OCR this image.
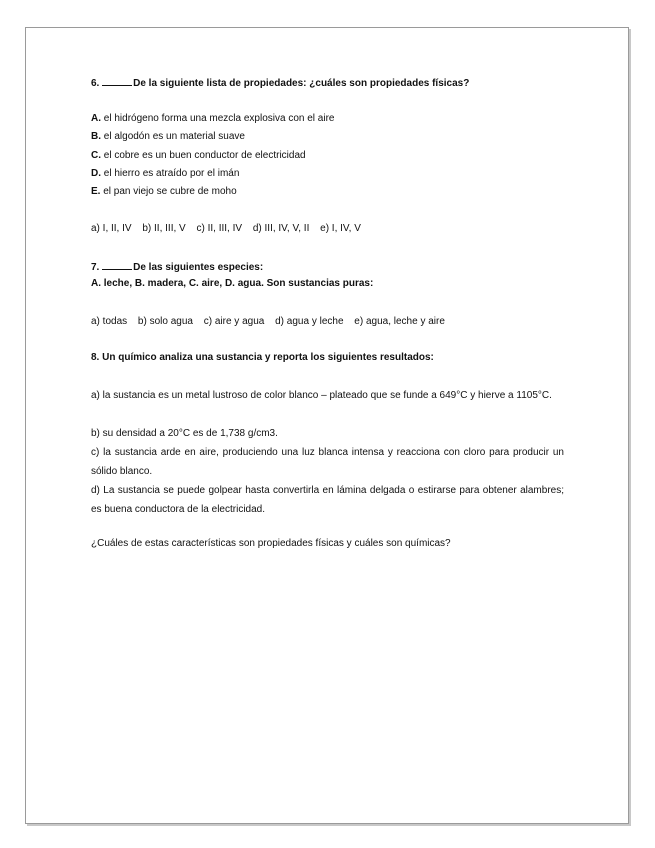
6.	De la siguiente lista de propiedades: ¿cuáles son propiedades físicas?
A. el hidrógeno forma una mezcla explosiva con el aire
B. el algodón es un material suave
C. el cobre es un buen conductor de electricidad
D. el hierro es atraído por el imán
E. el pan viejo se cubre de moho
a) I, II, IV b) II, III, V c) II, III, IV d) III, IV, V, II e) I, IV, V
7.	De las siguientes especies:
A. leche, B. madera, C. aire, D. agua. Son sustancias puras:
a) todas b) solo agua c) aire y agua d) agua y leche e) agua, leche y aire
8. Un químico analiza una sustancia y reporta los siguientes resultados:
a) la sustancia es un metal lustroso de color blanco – plateado que se funde a 649°C y hierve a 1105°C.
b) su densidad a 20°C es de 1,738 g/cm3.
c) la sustancia arde en aire, produciendo una luz blanca intensa y reacciona con cloro para producir un sólido blanco.
d) La sustancia se puede golpear hasta convertirla en lámina delgada o estirarse para obtener alambres; es buena conductora de la electricidad.
¿Cuáles de estas características son propiedades físicas y cuáles son químicas?
